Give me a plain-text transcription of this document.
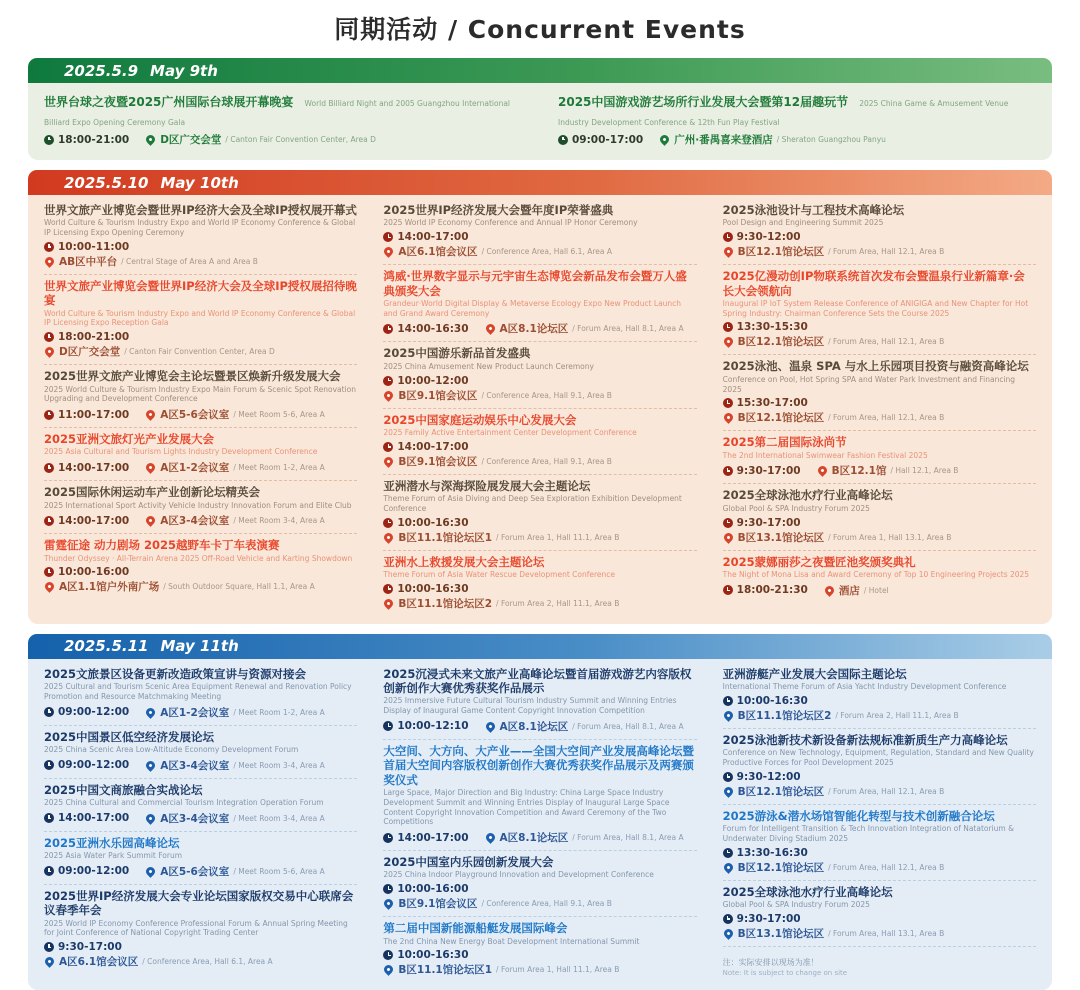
同期活动 / Concurrent Events
2025.5.9 May 9th
世界台球之夜暨2025广州国际台球展开幕晚宴 World Billiard Night and 2005 Guangzhou International Billiard Expo Opening Ceremony Gala
18:00-21:00	D区广交会堂 / Canton Fair Convention Center, Area D
2025中国游戏游艺场所行业发展大会暨第12届趣玩节 2025 China Game & Amusement Venue Industry Development Conference & 12th Fun Play Festival
09:00-17:00	广州·番禺喜来登酒店 / Sheraton Guangzhou Panyu
2025.5.10 May 10th
世界文旅产业博览会暨世界IP经济大会及全球IP授权展开幕式
World Culture & Tourism Industry Expo and World IP Economy Conference & Global IP Licensing Expo Opening Ceremony
10:00-11:00
AB区中平台 / Central Stage of Area A and Area B
世界文旅产业博览会暨世界IP经济大会及全球IP授权展招待晚宴
World Culture & Tourism Industry Expo and World IP Economy Conference & Global IP Licensing Expo Reception Gala
18:00-21:00
D区广交会堂 / Canton Fair Convention Center, Area D
2025世界文旅产业博览会主论坛暨景区焕新升级发展大会
2025 World Culture & Tourism Industry Expo Main Forum & Scenic Spot Renovation Upgrading and Development Conference
11:00-17:00	A区5-6会议室 / Meet Room 5-6, Area A
2025亚洲文旅灯光产业发展大会
2025 Asia Cultural and Tourism Lights Industry Development Conference
14:00-17:00	A区1-2会议室 / Meet Room 1-2, Area A
2025国际休闲运动车产业创新论坛精英会
2025 International Sport Activity Vehicle Industry Innovation Forum and Elite Club
14:00-17:00	A区3-4会议室 / Meet Room 3-4, Area A
雷霆征途 动力剧场 2025越野车卡丁车表演赛
Thunder Odyssey · All-Terrain Arena 2025 Off-Road Vehicle and Karting Showdown
10:00-16:00
A区1.1馆户外南广场 / South Outdoor Square, Hall 1.1, Area A
2025世界IP经济发展大会暨年度IP荣誉盛典
2025 World IP Economy Conference and Annual IP Honor Ceremony
14:00-17:00
A区6.1馆会议区 / Conference Area, Hall 6.1, Area A
鸿威·世界数字显示与元宇宙生态博览会新品发布会暨万人盛典颁奖大会
Grandeur·World Digital Display & Metaverse Ecology Expo New Product Launch and Grand Award Ceremony
14:00-16:30	A区8.1论坛区 / Forum Area, Hall 8.1, Area A
2025中国游乐新品首发盛典
2025 China Amusement New Product Launch Ceremony
10:00-12:00
B区9.1馆会议区 / Conference Area, Hall 9.1, Area B
2025中国家庭运动娱乐中心发展大会
2025 Family Active Entertainment Center Development Conference
14:00-17:00
B区9.1馆会议区 / Conference Area, Hall 9.1, Area B
亚洲潜水与深海探险展发展大会主题论坛
Theme Forum of Asia Diving and Deep Sea Exploration Exhibition Development Conference
10:00-16:30
B区11.1馆论坛区1 / Forum Area 1, Hall 11.1, Area B
亚洲水上救援发展大会主题论坛
Theme Forum of Asia Water Rescue Development Conference
10:00-16:30
B区11.1馆论坛区2 / Forum Area 2, Hall 11.1, Area B
2025泳池设计与工程技术高峰论坛
Pool Design and Engineering Summit 2025
9:30-12:00
B区12.1馆论坛区 / Forum Area, Hall 12.1, Area B
2025亿漫动创IP物联系统首次发布会暨温泉行业新篇章·会长大会领航向
Inaugural IP IoT System Release Conference of ANIGIGA and New Chapter for Hot Spring Industry: Chairman Conference Sets the Course 2025
13:30-15:30
B区12.1馆论坛区 / Forum Area, Hall 12.1, Area B
2025泳池、温泉 SPA 与水上乐园项目投资与融资高峰论坛
Conference on Pool, Hot Spring SPA and Water Park Investment and Financing 2025
15:30-17:00
B区12.1馆论坛区 / Forum Area, Hall 12.1, Area B
2025第二届国际泳尚节
The 2nd International Swimwear Fashion Festival 2025
9:30-17:00	B区12.1馆 / Hall 12.1, Area B
2025全球泳池水疗行业高峰论坛
Global Pool & SPA Industry Forum 2025
9:30-17:00
B区13.1馆论坛区 / Forum Area 1, Hall 13.1, Area B
2025蒙娜丽莎之夜暨匠池奖颁奖典礼
The Night of Mona Lisa and Award Ceremony of Top 10 Engineering Projects 2025
18:00-21:30	酒店 / Hotel
2025.5.11 May 11th
2025文旅景区设备更新改造政策宣讲与资源对接会
2025 Cultural and Tourism Scenic Area Equipment Renewal and Renovation Policy Promotion and Resource Matchmaking Meeting
09:00-12:00	A区1-2会议室 / Meet Room 1-2, Area A
2025中国景区低空经济发展论坛
2025 China Scenic Area Low-Altitude Economy Development Forum
09:00-12:00	A区3-4会议室 / Meet Room 3-4, Area A
2025中国文商旅融合实战论坛
2025 China Cultural and Commercial Tourism Integration Operation Forum
14:00-17:00	A区3-4会议室 / Meet Room 3-4, Area A
2025亚洲水乐园高峰论坛
2025 Asia Water Park Summit Forum
09:00-12:00	A区5-6会议室 / Meet Room 5-6, Area A
2025世界IP经济发展大会专业论坛国家版权交易中心联席会议春季年会
2025 World IP Economy Conference Professional Forum & Annual Spring Meeting for Joint Conference of National Copyright Trading Center
9:30-17:00
A区6.1馆会议区 / Conference Area, Hall 6.1, Area A
2025沉浸式未来文旅产业高峰论坛暨首届游戏游艺内容版权创新创作大赛优秀获奖作品展示
2025 Immersive Future Cultural Tourism Industry Summit and Winning Entries Display of Inaugural Game Content Copyright Innovation Competition
10:00-12:10	A区8.1论坛区 / Forum Area, Hall 8.1, Area A
大空间、大方向、大产业——全国大空间产业发展高峰论坛暨首届大空间内容版权创新创作大赛优秀获奖作品展示及两赛颁奖仪式
Large Space, Major Direction and Big Industry: China Large Space Industry Development Summit and Winning Entries Display of Inaugural Large Space Content Copyright Innovation Competition and Award Ceremony of the Two Competitions
14:00-17:00	A区8.1论坛区 / Forum Area, Hall 8.1, Area A
2025中国室内乐园创新发展大会
2025 China Indoor Playground Innovation and Development Conference
10:00-16:00
B区9.1馆会议区 / Conference Area, Hall 9.1, Area B
第二届中国新能源船艇发展国际峰会
The 2nd China New Energy Boat Development International Summit
10:00-16:30
B区11.1馆论坛区1 / Forum Area 1, Hall 11.1, Area B
亚洲游艇产业发展大会国际主题论坛
International Theme Forum of Asia Yacht Industry Development Conference
10:00-16:30
B区11.1馆论坛区2 / Forum Area 2, Hall 11.1, Area B
2025泳池新技术新设备新法规标准新质生产力高峰论坛
Conference on New Technology, Equipment, Regulation, Standard and New Quality Productive Forces for Pool Development 2025
9:30-12:00
B区12.1馆论坛区 / Forum Area, Hall 12.1, Area B
2025游泳&潜水场馆智能化转型与技术创新融合论坛
Forum for Intelligent Transition & Tech Innovation Integration of Natatorium & Underwater Diving Stadium 2025
13:30-16:30
B区12.1馆论坛区 / Forum Area, Hall 12.1, Area B
2025全球泳池水疗行业高峰论坛
Global Pool & SPA Industry Forum 2025
9:30-17:00
B区13.1馆论坛区 / Forum Area, Hall 13.1, Area B
注：实际安排以现场为准！
Note: It is subject to change on site
